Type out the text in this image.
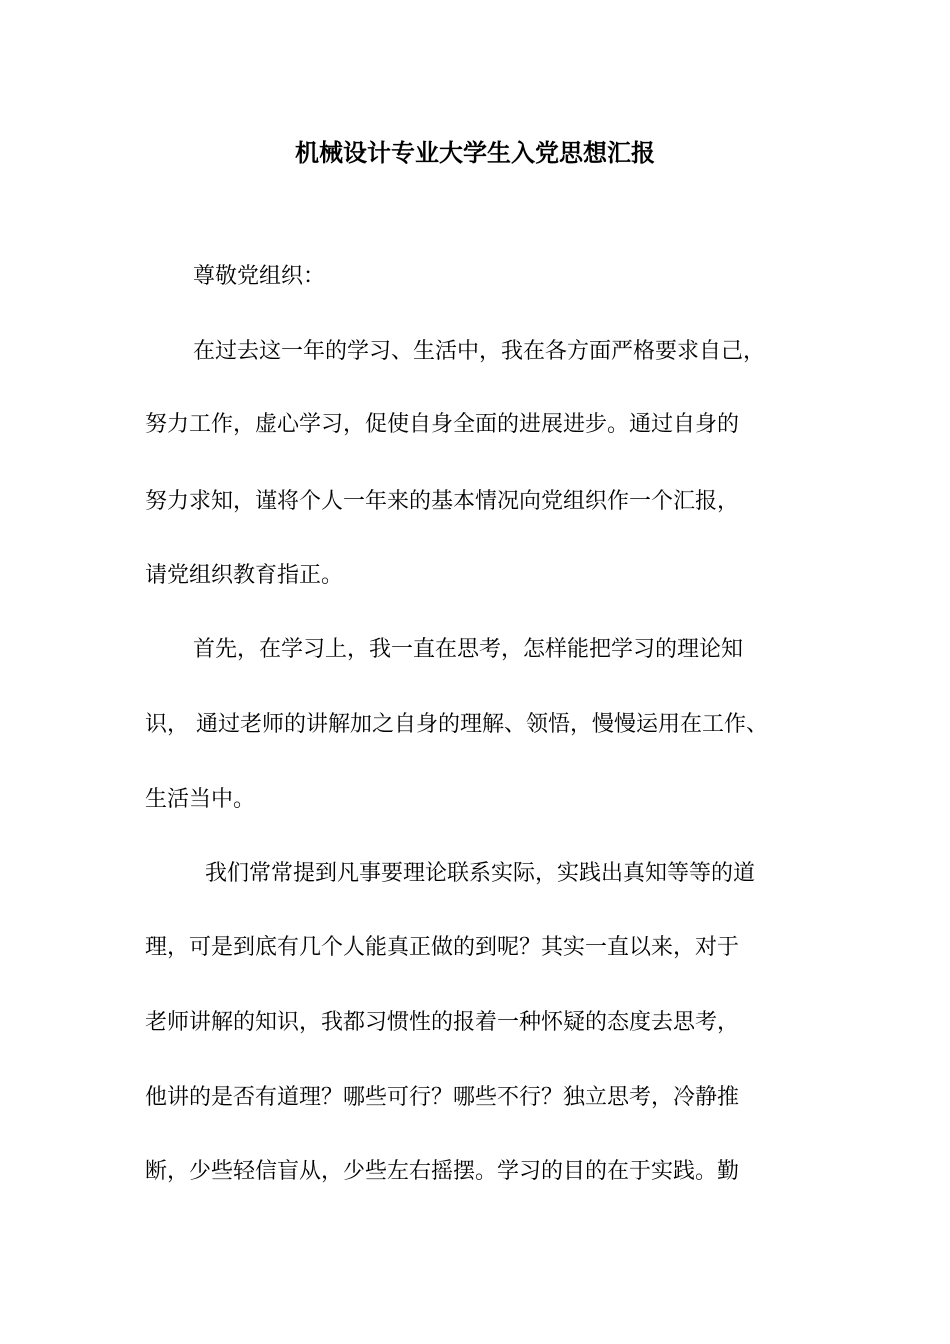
机械设计专业大学生入党思想汇报

尊敬党组织：

在过去这一年的学习、生活中，我在各方面严格要求自己，

努力工作，虚心学习，促使自身全面的进展进步。通过自身的

努力求知，谨将个人一年来的基本情况向党组织作一个汇报，

请党组织教育指正。

首先，在学习上，我一直在思考，怎样能把学习的理论知

识， 通过老师的讲解加之自身的理解、领悟，慢慢运用在工作、

生活当中。

我们常常提到凡事要理论联系实际，实践出真知等等的道

理，可是到底有几个人能真正做的到呢？其实一直以来，对于

老师讲解的知识，我都习惯性的报着一种怀疑的态度去思考，

他讲的是否有道理？哪些可行？哪些不行？独立思考，冷静推

断，少些轻信盲从，少些左右摇摆。学习的目的在于实践。勤
